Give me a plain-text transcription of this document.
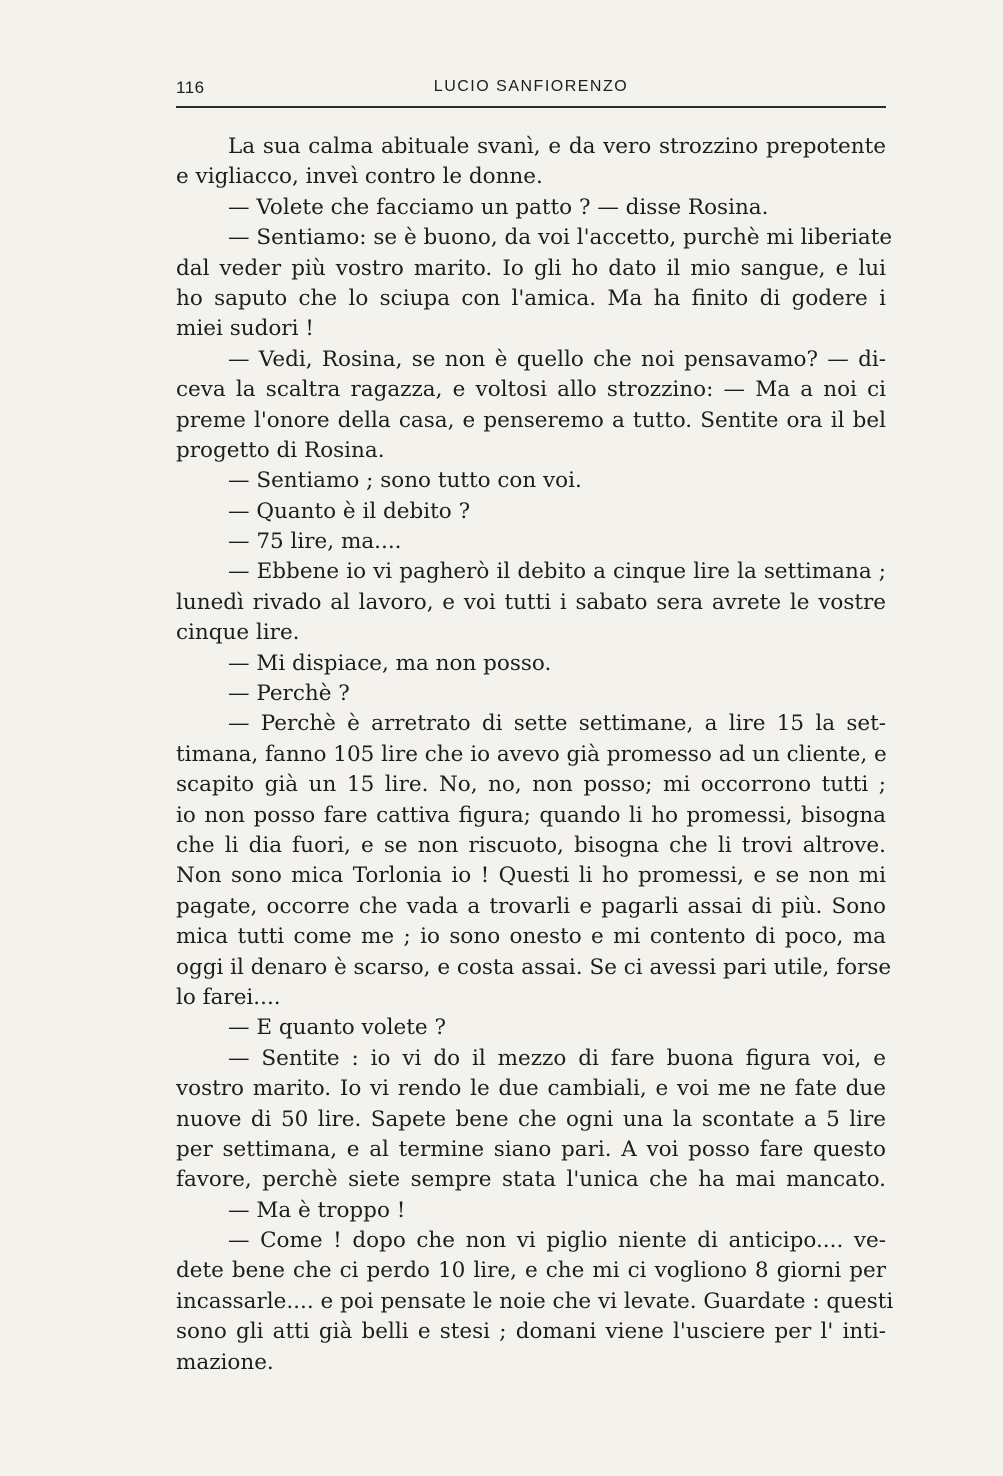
116	LUCIO SANFIORENZO
La sua calma abituale svanì, e da vero strozzino prepotente
e vigliacco, inveì contro le donne.
— Volete che facciamo un patto ? — disse Rosina.
— Sentiamo: se è buono, da voi l'accetto, purchè mi liberiate
dal veder più vostro marito. Io gli ho dato il mio sangue, e lui
ho saputo che lo sciupa con l'amica. Ma ha finito di godere i
miei sudori !
— Vedi, Rosina, se non è quello che noi pensavamo? — di-
ceva la scaltra ragazza, e voltosi allo strozzino: — Ma a noi ci
preme l'onore della casa, e penseremo a tutto. Sentite ora il bel
progetto di Rosina.
— Sentiamo ; sono tutto con voi.
— Quanto è il debito ?
— 75 lire, ma....
— Ebbene io vi pagherò il debito a cinque lire la settimana ;
lunedì rivado al lavoro, e voi tutti i sabato sera avrete le vostre
cinque lire.
— Mi dispiace, ma non posso.
— Perchè ?
— Perchè è arretrato di sette settimane, a lire 15 la set-
timana, fanno 105 lire che io avevo già promesso ad un cliente, e
scapito già un 15 lire. No, no, non posso; mi occorrono tutti ;
io non posso fare cattiva figura; quando li ho promessi, bisogna
che li dia fuori, e se non riscuoto, bisogna che li trovi altrove.
Non sono mica Torlonia io ! Questi li ho promessi, e se non mi
pagate, occorre che vada a trovarli e pagarli assai di più. Sono
mica tutti come me ; io sono onesto e mi contento di poco, ma
oggi il denaro è scarso, e costa assai. Se ci avessi pari utile, forse
lo farei....
— E quanto volete ?
— Sentite : io vi do il mezzo di fare buona figura voi, e
vostro marito. Io vi rendo le due cambiali, e voi me ne fate due
nuove di 50 lire. Sapete bene che ogni una la scontate a 5 lire
per settimana, e al termine siano pari. A voi posso fare questo
favore, perchè siete sempre stata l'unica che ha mai mancato.
— Ma è troppo !
— Come ! dopo che non vi piglio niente di anticipo.... ve-
dete bene che ci perdo 10 lire, e che mi ci vogliono 8 giorni per
incassarle.... e poi pensate le noie che vi levate. Guardate : questi
sono gli atti già belli e stesi ; domani viene l'usciere per l' inti-
mazione.
